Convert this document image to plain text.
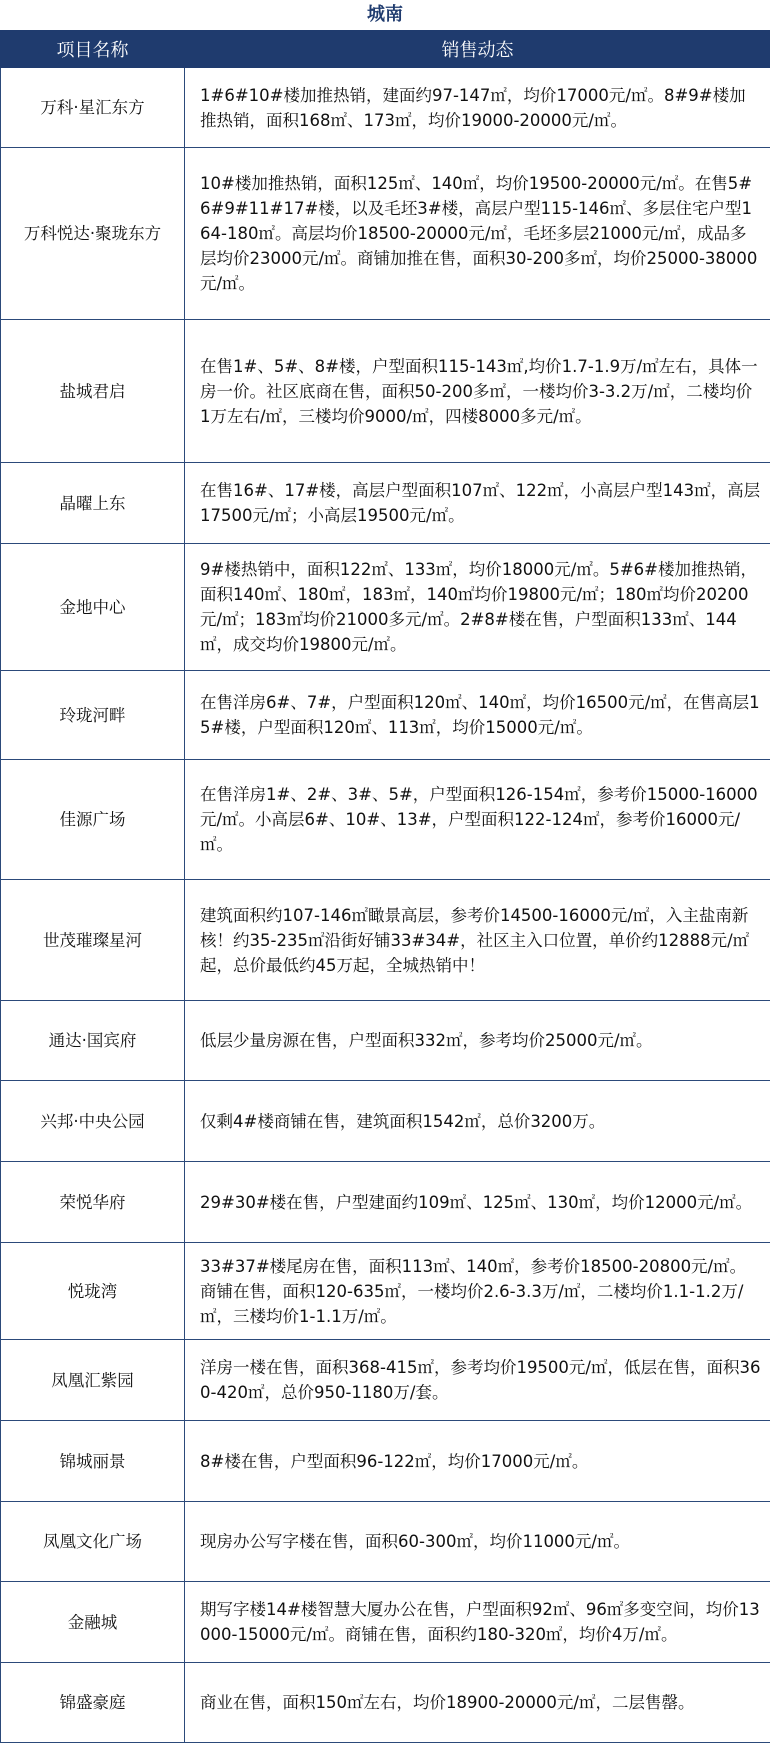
城南
项目名称	销售动态
万科·星汇东方	1#6#10#楼加推热销，建面约97-147㎡，均价17000元/㎡。8#9#楼加推热销，面积168㎡、173㎡，均价19000-20000元/㎡。
万科悦达·聚珑东方	10#楼加推热销，面积125㎡、140㎡，均价19500-20000元/㎡。在售5#6#9#11#17#楼，以及毛坯3#楼，高层户型115-146㎡、多层住宅户型164-180㎡。高层均价18500-20000元/㎡，毛坯多层21000元/㎡，成品多层均价23000元/㎡。商铺加推在售，面积30-200多㎡，均价25000-38000元/㎡。
盐城君启	在售1#、5#、8#楼，户型面积115-143㎡,均价1.7-1.9万/㎡左右，具体一房一价。社区底商在售，面积50-200多㎡，一楼均价3-3.2万/㎡，二楼均价1万左右/㎡，三楼均价9000/㎡，四楼8000多元/㎡。
晶曜上东	在售16#、17#楼，高层户型面积107㎡、122㎡，小高层户型143㎡，高层17500元/㎡；小高层19500元/㎡。
金地中心	9#楼热销中，面积122㎡、133㎡，均价18000元/㎡。5#6#楼加推热销，面积140㎡、180㎡，183㎡，140㎡均价19800元/㎡；180㎡均价20200元/㎡；183㎡均价21000多元/㎡。2#8#楼在售，户型面积133㎡、144㎡，成交均价19800元/㎡。
玲珑河畔	在售洋房6#、7#，户型面积120㎡、140㎡，均价16500元/㎡，在售高层15#楼，户型面积120㎡、113㎡，均价15000元/㎡。
佳源广场	在售洋房1#、2#、3#、5#，户型面积126-154㎡，参考价15000-16000元/㎡。小高层6#、10#、13#，户型面积122-124㎡，参考价16000元/㎡。
世茂璀璨星河	建筑面积约107-146㎡瞰景高层，参考价14500-16000元/㎡，入主盐南新核！约35-235㎡沿街好铺33#34#，社区主入口位置，单价约12888元/㎡起，总价最低约45万起，全城热销中！
通达·国宾府	低层少量房源在售，户型面积332㎡，参考均价25000元/㎡。
兴邦·中央公园	仅剩4#楼商铺在售，建筑面积1542㎡，总价3200万。
荣悦华府	29#30#楼在售，户型建面约109㎡、125㎡、130㎡，均价12000元/㎡。
悦珑湾	33#37#楼尾房在售，面积113㎡、140㎡，参考价18500-20800元/㎡。商铺在售，面积120-635㎡，一楼均价2.6-3.3万/㎡，二楼均价1.1-1.2万/㎡，三楼均价1-1.1万/㎡。
凤凰汇紫园	洋房一楼在售，面积368-415㎡，参考均价19500元/㎡，低层在售，面积360-420㎡，总价950-1180万/套。
锦城丽景	8#楼在售，户型面积96-122㎡，均价17000元/㎡。
凤凰文化广场	现房办公写字楼在售，面积60-300㎡，均价11000元/㎡。
金融城	期写字楼14#楼智慧大厦办公在售，户型面积92㎡、96㎡多变空间，均价13000-15000元/㎡。商铺在售，面积约180-320㎡，均价4万/㎡。
锦盛豪庭	商业在售，面积150㎡左右，均价18900-20000元/㎡，二层售罄。
